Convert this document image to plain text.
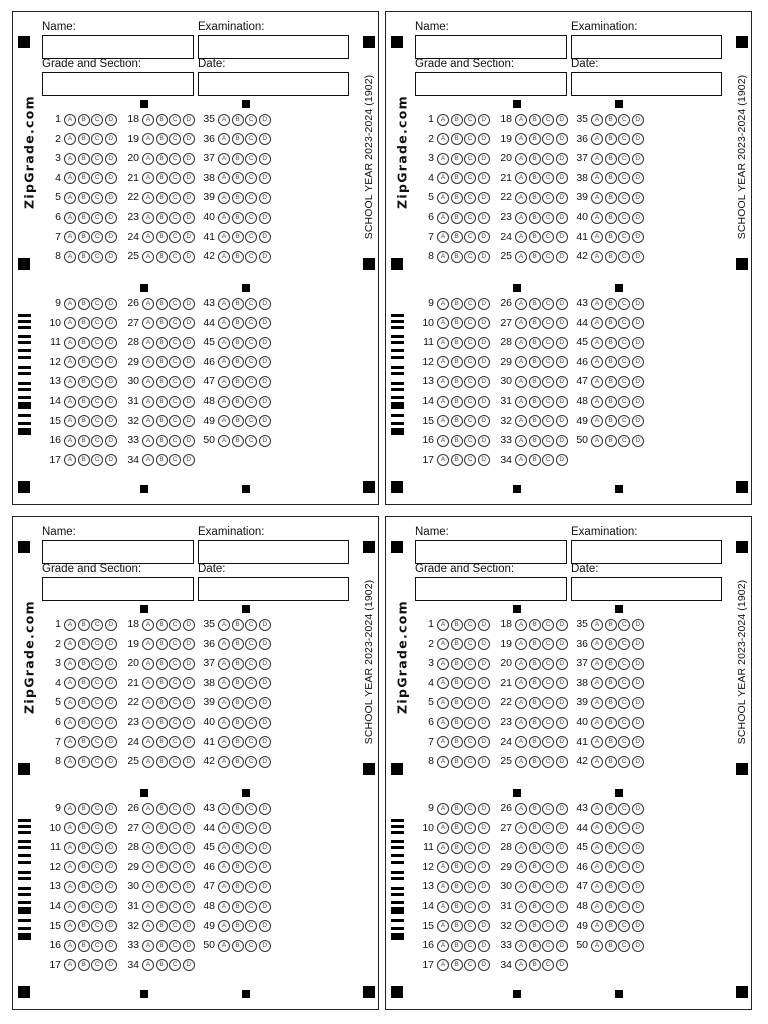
Name:	Examination:
Grade and Section:	Date:
ZipGrade.com	SCHOOL YEAR 2023-2024 (1902)
1 A B C D	18 A B C D	35 A B C D
2 A B C D	19 A B C D	36 A B C D
3 A B C D	20 A B C D	37 A B C D
4 A B C D	21 A B C D	38 A B C D
5 A B C D	22 A B C D	39 A B C D
6 A B C D	23 A B C D	40 A B C D
7 A B C D	24 A B C D	41 A B C D
8 A B C D	25 A B C D	42 A B C D
9 A B C D	26 A B C D	43 A B C D
10 A B C D	27 A B C D	44 A B C D
11 A B C D	28 A B C D	45 A B C D
12 A B C D	29 A B C D	46 A B C D
13 A B C D	30 A B C D	47 A B C D
14 A B C D	31 A B C D	48 A B C D
15 A B C D	32 A B C D	49 A B C D
16 A B C D	33 A B C D	50 A B C D
17 A B C D	34 A B C D
Name:	Examination:
Grade and Section:	Date:
ZipGrade.com	SCHOOL YEAR 2023-2024 (1902)
1 A B C D	18 A B C D	35 A B C D
2 A B C D	19 A B C D	36 A B C D
3 A B C D	20 A B C D	37 A B C D
4 A B C D	21 A B C D	38 A B C D
5 A B C D	22 A B C D	39 A B C D
6 A B C D	23 A B C D	40 A B C D
7 A B C D	24 A B C D	41 A B C D
8 A B C D	25 A B C D	42 A B C D
9 A B C D	26 A B C D	43 A B C D
10 A B C D	27 A B C D	44 A B C D
11 A B C D	28 A B C D	45 A B C D
12 A B C D	29 A B C D	46 A B C D
13 A B C D	30 A B C D	47 A B C D
14 A B C D	31 A B C D	48 A B C D
15 A B C D	32 A B C D	49 A B C D
16 A B C D	33 A B C D	50 A B C D
17 A B C D	34 A B C D
Name:	Examination:
Grade and Section:	Date:
ZipGrade.com	SCHOOL YEAR 2023-2024 (1902)
1 A B C D	18 A B C D	35 A B C D
2 A B C D	19 A B C D	36 A B C D
3 A B C D	20 A B C D	37 A B C D
4 A B C D	21 A B C D	38 A B C D
5 A B C D	22 A B C D	39 A B C D
6 A B C D	23 A B C D	40 A B C D
7 A B C D	24 A B C D	41 A B C D
8 A B C D	25 A B C D	42 A B C D
9 A B C D	26 A B C D	43 A B C D
10 A B C D	27 A B C D	44 A B C D
11 A B C D	28 A B C D	45 A B C D
12 A B C D	29 A B C D	46 A B C D
13 A B C D	30 A B C D	47 A B C D
14 A B C D	31 A B C D	48 A B C D
15 A B C D	32 A B C D	49 A B C D
16 A B C D	33 A B C D	50 A B C D
17 A B C D	34 A B C D
Name:	Examination:
Grade and Section:	Date:
ZipGrade.com	SCHOOL YEAR 2023-2024 (1902)
1 A B C D	18 A B C D	35 A B C D
2 A B C D	19 A B C D	36 A B C D
3 A B C D	20 A B C D	37 A B C D
4 A B C D	21 A B C D	38 A B C D
5 A B C D	22 A B C D	39 A B C D
6 A B C D	23 A B C D	40 A B C D
7 A B C D	24 A B C D	41 A B C D
8 A B C D	25 A B C D	42 A B C D
9 A B C D	26 A B C D	43 A B C D
10 A B C D	27 A B C D	44 A B C D
11 A B C D	28 A B C D	45 A B C D
12 A B C D	29 A B C D	46 A B C D
13 A B C D	30 A B C D	47 A B C D
14 A B C D	31 A B C D	48 A B C D
15 A B C D	32 A B C D	49 A B C D
16 A B C D	33 A B C D	50 A B C D
17 A B C D	34 A B C D
